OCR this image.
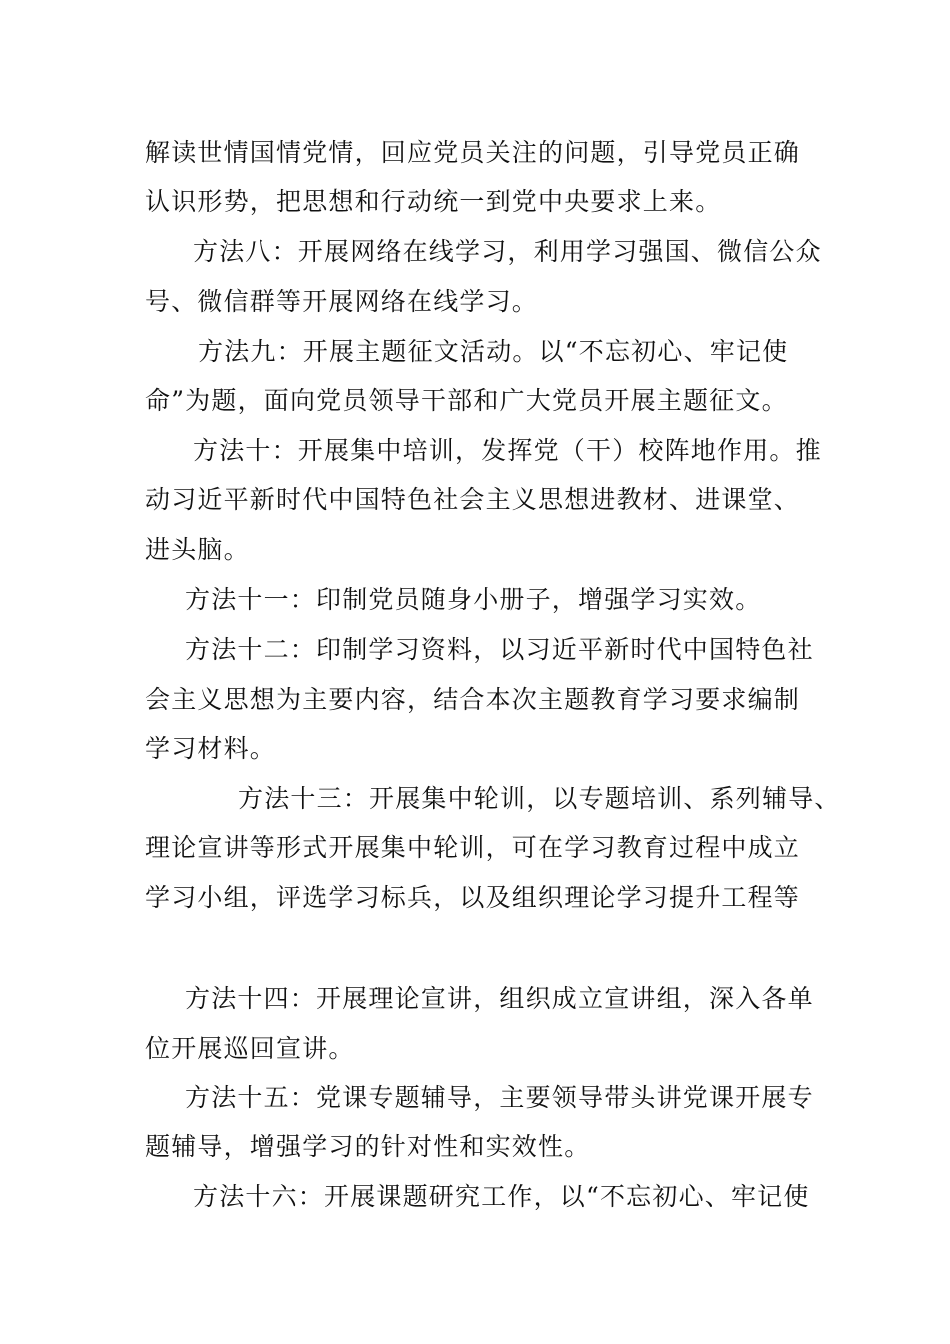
解读世情国情党情，回应党员关注的问题，引导党员正确
认识形势，把思想和行动统一到党中央要求上来。
方法八：开展网络在线学习，利用学习强国、微信公众
号、微信群等开展网络在线学习。
方法九：开展主题征文活动。以“不忘初心、牢记使
命”为题，面向党员领导干部和广大党员开展主题征文。
方法十：开展集中培训，发挥党（干）校阵地作用。推
动习近平新时代中国特色社会主义思想进教材、进课堂、
进头脑。
方法十一：印制党员随身小册子，增强学习实效。
方法十二：印制学习资料，以习近平新时代中国特色社
会主义思想为主要内容，结合本次主题教育学习要求编制
学习材料。
方法十三：开展集中轮训，以专题培训、系列辅导、
理论宣讲等形式开展集中轮训，可在学习教育过程中成立
学习小组，评选学习标兵，以及组织理论学习提升工程等
方法十四：开展理论宣讲，组织成立宣讲组，深入各单
位开展巡回宣讲。
方法十五：党课专题辅导，主要领导带头讲党课开展专
题辅导，增强学习的针对性和实效性。
方法十六：开展课题研究工作，以“不忘初心、牢记使
